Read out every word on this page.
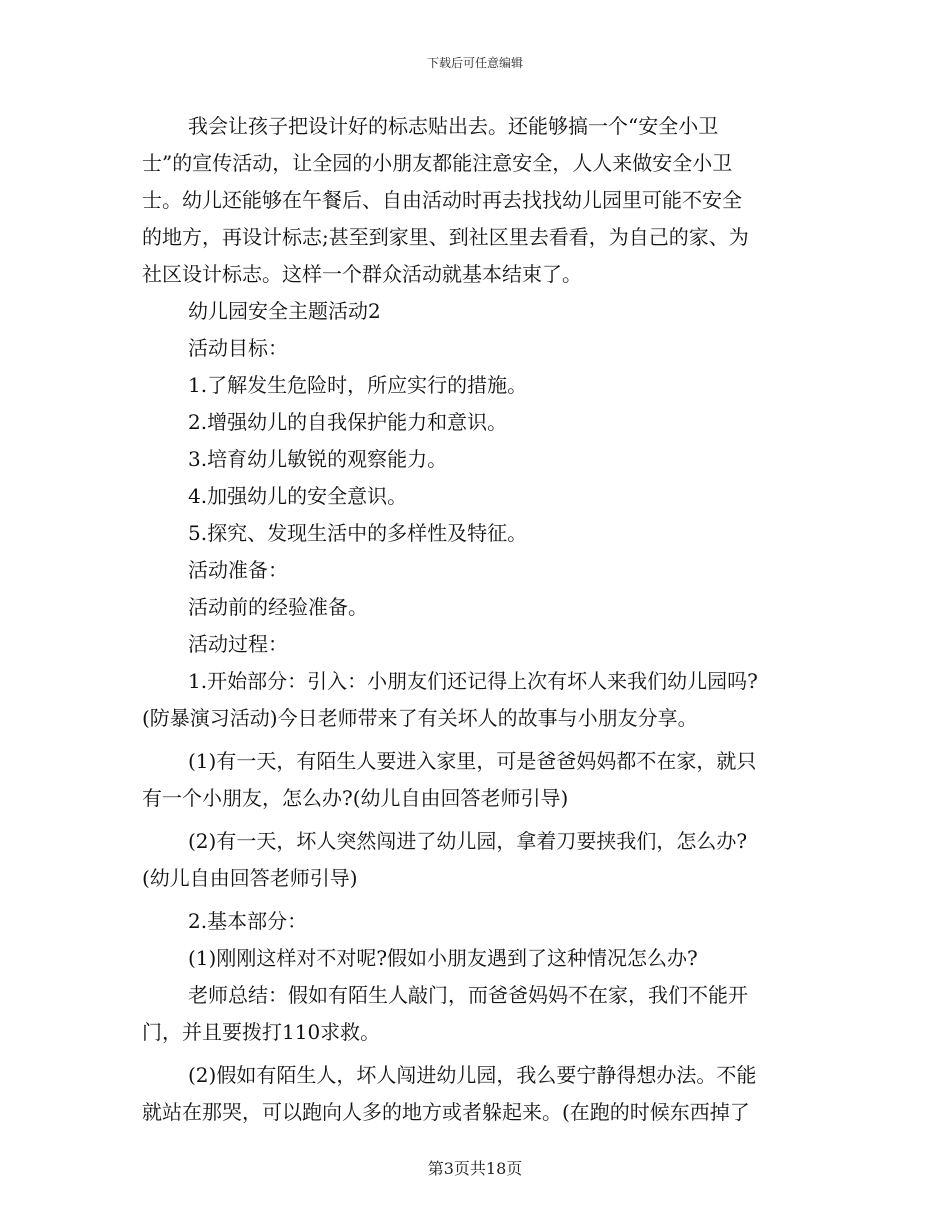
下载后可任意编辑

我会让孩子把设计好的标志贴出去。还能够搞一个“安全小卫

士”的宣传活动，让全园的小朋友都能注意安全，人人来做安全小卫

士。幼儿还能够在午餐后、自由活动时再去找找幼儿园里可能不安全

的地方，再设计标志;甚至到家里、到社区里去看看，为自己的家、为

社区设计标志。这样一个群众活动就基本结束了。

幼儿园安全主题活动2

活动目标：

1.了解发生危险时，所应实行的措施。

2.增强幼儿的自我保护能力和意识。

3.培育幼儿敏锐的观察能力。

4.加强幼儿的安全意识。

5.探究、发现生活中的多样性及特征。

活动准备：

活动前的经验准备。

活动过程：

1.开始部分：引入：小朋友们还记得上次有坏人来我们幼儿园吗?

(防暴演习活动)今日老师带来了有关坏人的故事与小朋友分享。

(1)有一天，有陌生人要进入家里，可是爸爸妈妈都不在家，就只

有一个小朋友，怎么办?(幼儿自由回答老师引导)

(2)有一天，坏人突然闯进了幼儿园，拿着刀要挟我们，怎么办?

(幼儿自由回答老师引导)

2.基本部分：

(1)刚刚这样对不对呢?假如小朋友遇到了这种情况怎么办?

老师总结：假如有陌生人敲门，而爸爸妈妈不在家，我们不能开

门，并且要拨打110求救。

(2)假如有陌生人，坏人闯进幼儿园，我么要宁静得想办法。不能

就站在那哭，可以跑向人多的地方或者躲起来。(在跑的时候东西掉了

第3页共18页
